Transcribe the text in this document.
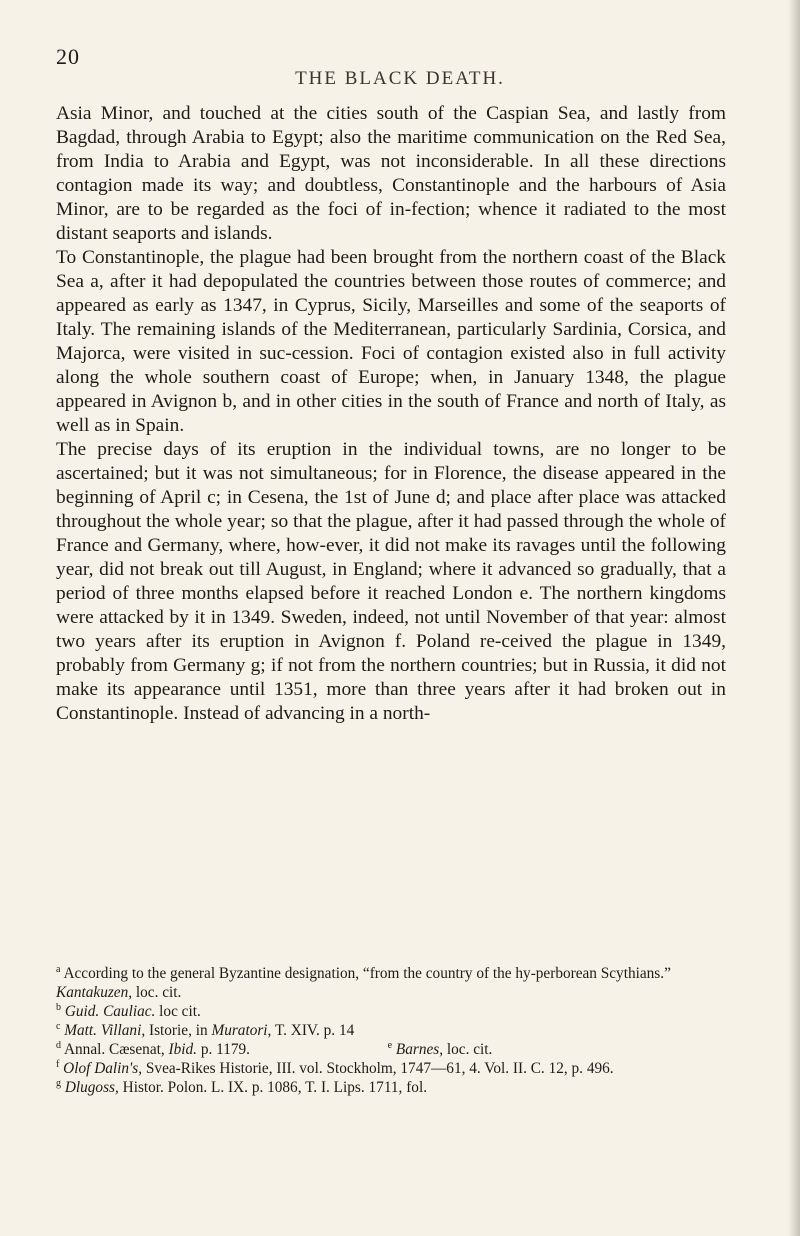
20
THE BLACK DEATH.

Asia Minor, and touched at the cities south of the Caspian Sea, and lastly from Bagdad, through Arabia to Egypt; also the maritime communication on the Red Sea, from India to Arabia and Egypt, was not inconsiderable. In all these directions contagion made its way; and doubtless, Constantinople and the harbours of Asia Minor, are to be regarded as the foci of in-fection; whence it radiated to the most distant seaports and islands.

To Constantinople, the plague had been brought from the northern coast of the Black Sea a, after it had depopulated the countries between those routes of commerce; and appeared as early as 1347, in Cyprus, Sicily, Marseilles and some of the seaports of Italy. The remaining islands of the Mediterranean, particularly Sardinia, Corsica, and Majorca, were visited in suc-cession. Foci of contagion existed also in full activity along the whole southern coast of Europe; when, in January 1348, the plague appeared in Avignon b, and in other cities in the south of France and north of Italy, as well as in Spain.

The precise days of its eruption in the individual towns, are no longer to be ascertained; but it was not simultaneous; for in Florence, the disease appeared in the beginning of April c; in Cesena, the 1st of June d; and place after place was attacked throughout the whole year; so that the plague, after it had passed through the whole of France and Germany, where, how-ever, it did not make its ravages until the following year, did not break out till August, in England; where it advanced so gradually, that a period of three months elapsed before it reached London e. The northern kingdoms were attacked by it in 1349. Sweden, indeed, not until November of that year: almost two years after its eruption in Avignon f. Poland re-ceived the plague in 1349, probably from Germany g; if not from the northern countries; but in Russia, it did not make its appearance until 1351, more than three years after it had broken out in Constantinople. Instead of advancing in a north-

$^a$ According to the general Byzantine designation, “from the country of the hy-perborean Scythians.” Kantakuzen, loc. cit.
$^b$ Guid. Cauliac. loc cit.
$^c$ Matt. Villani, Istorie, in Muratori, T. XIV. p. 14
$^d$ Annal. Cæsenat, Ibid. p. 1179.	$^e$ Barnes, loc. cit.
$^f$ Olof Dalin's, Svea-Rikes Historie, III. vol. Stockholm, 1747—61, 4. Vol. II. C. 12, p. 496.
$^g$ Dlugoss, Histor. Polon. L. IX. p. 1086, T. I. Lips. 1711, fol.
